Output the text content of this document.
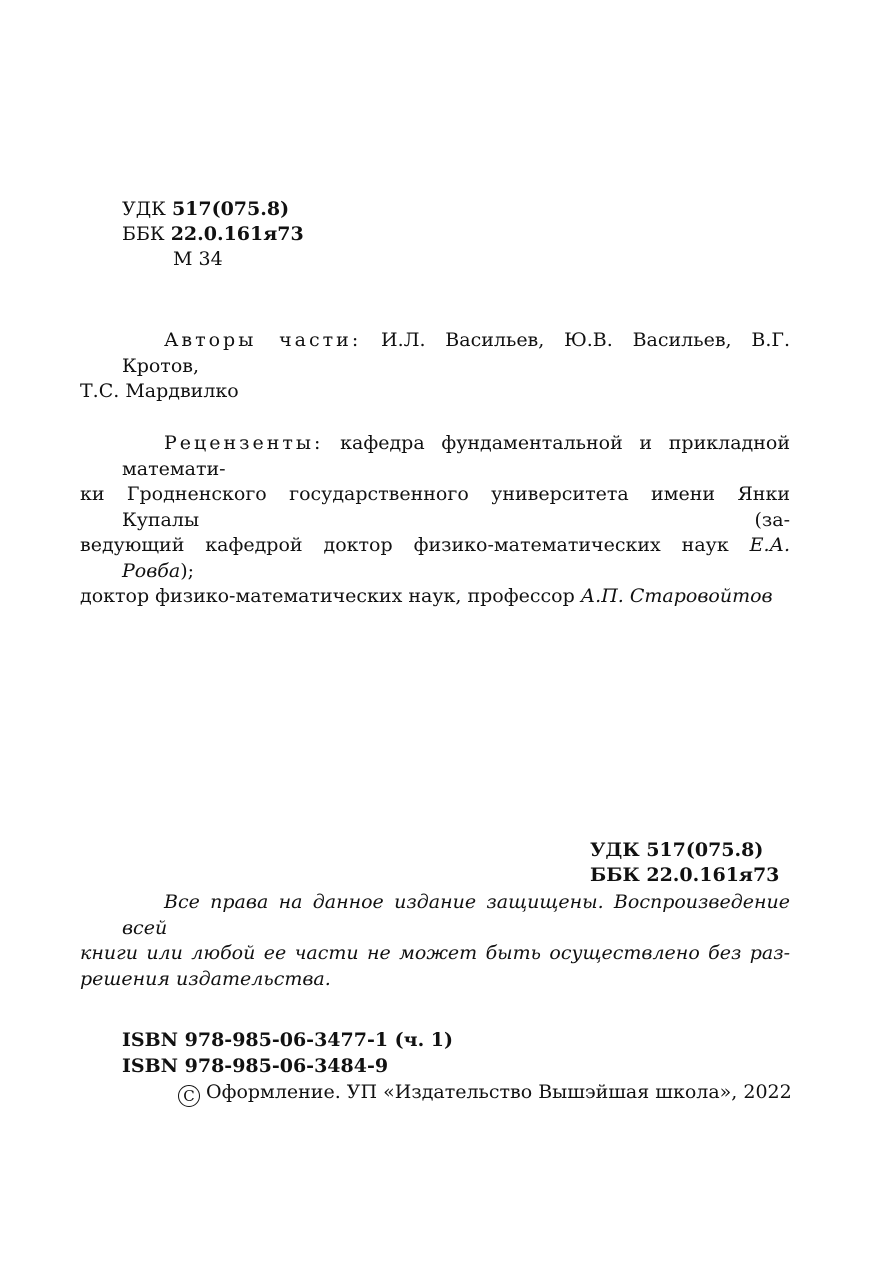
УДК 517(075.8)
ББК 22.0.161я73
М 34
Авторы части: И.Л. Васильев, Ю.В. Васильев, В.Г. Кротов,
Т.С. Мардвилко
Рецензенты: кафедра фундаментальной и прикладной математи-
ки Гродненского государственного университета имени Янки Купалы (за-
ведующий кафедрой доктор физико-математических наук Е.А. Ровба);
доктор физико-математических наук, профессор А.П. Старовойтов
УДК 517(075.8)
ББК 22.0.161я73
Все права на данное издание защищены. Воспроизведение всей
книги или любой ее части не может быть осуществлено без раз-
решения издательства.
ISBN 978-985-06-3477-1 (ч. 1)
ISBN 978-985-06-3484-9
C Оформление. УП «Издательство Вышэйшая школа», 2022
